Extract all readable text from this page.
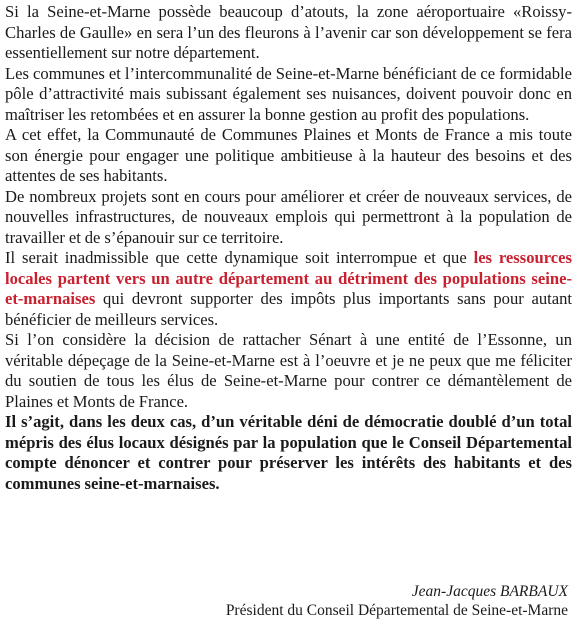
Si la Seine-et-Marne possède beaucoup d’atouts, la zone aéroportuaire «Roissy-Charles de Gaulle» en sera l’un des fleurons à l’avenir car son développement se fera essentiellement sur notre département.

Les communes et l’intercommunalité de Seine-et-Marne bénéficiant de ce formidable pôle d’attractivité mais subissant également ses nuisances, doivent pouvoir donc en maîtriser les retombées et en assurer la bonne gestion au profit des populations.

A cet effet, la Communauté de Communes Plaines et Monts de France a mis toute son énergie pour engager une politique ambitieuse à la hauteur des besoins et des attentes de ses habitants.

De nombreux projets sont en cours pour améliorer et créer de nouveaux services, de nouvelles infrastructures, de nouveaux emplois qui permettront à la population de travailler et de s’épanouir sur ce territoire.

Il serait inadmissible que cette dynamique soit interrompue et que les ressources locales partent vers un autre département au détriment des populations seine-et-marnaises qui devront supporter des impôts plus importants sans pour autant bénéficier de meilleurs services.

Si l’on considère la décision de rattacher Sénart à une entité de l’Essonne, un véritable dépeçage de la Seine-et-Marne est à l’oeuvre et je ne peux que me féliciter du soutien de tous les élus de Seine-et-Marne pour contrer ce démantèlement de Plaines et Monts de France.

Il s’agit, dans les deux cas, d’un véritable déni de démocratie doublé d’un total mépris des élus locaux désignés par la population que le Conseil Départemental compte dénoncer et contrer pour préserver les intérêts des habitants et des communes seine-et-marnaises.

Jean-Jacques BARBAUX
Président du Conseil Départemental de Seine-et-Marne
